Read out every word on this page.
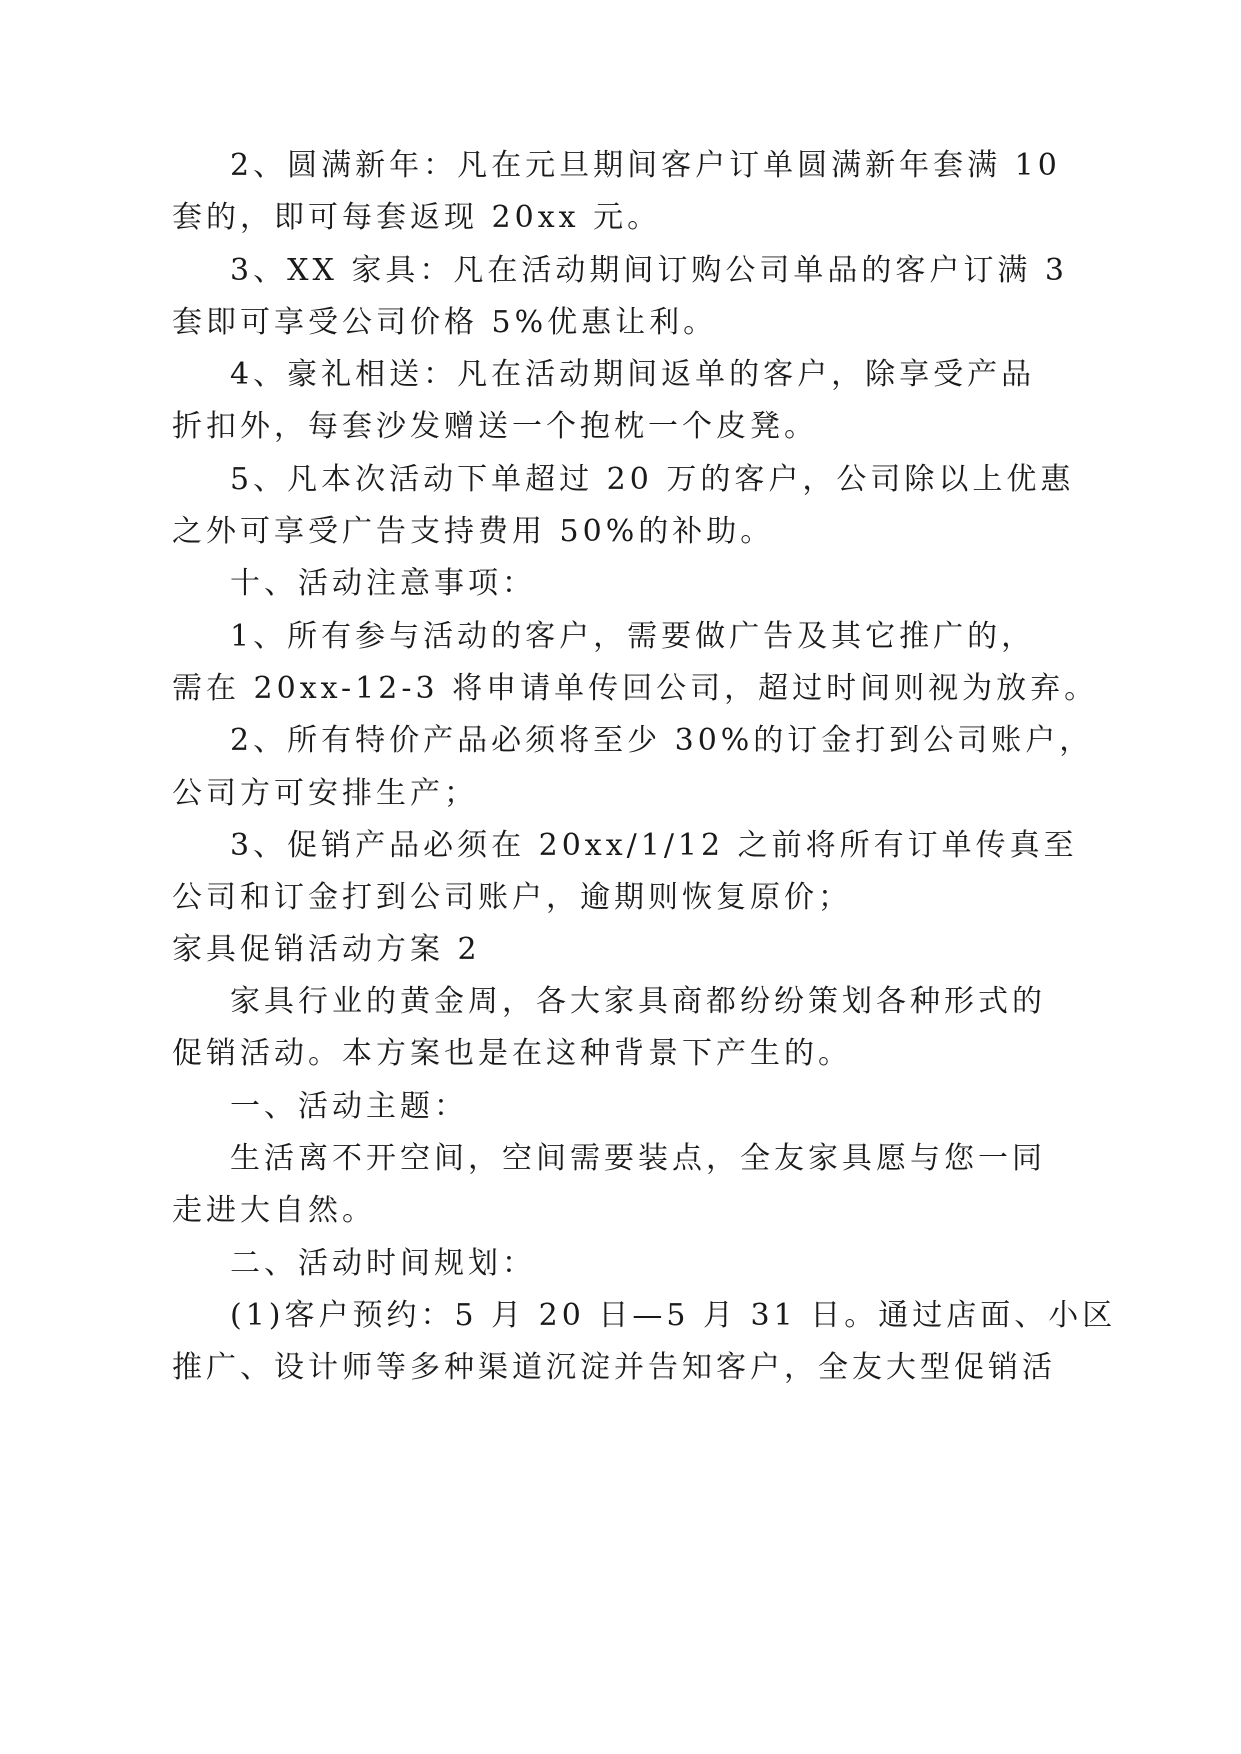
2、圆满新年：凡在元旦期间客户订单圆满新年套满 10
套的，即可每套返现 20xx 元。
3、XX 家具：凡在活动期间订购公司单品的客户订满 3
套即可享受公司价格 5%优惠让利。
4、豪礼相送：凡在活动期间返单的客户，除享受产品
折扣外，每套沙发赠送一个抱枕一个皮凳。
5、凡本次活动下单超过 20 万的客户，公司除以上优惠
之外可享受广告支持费用 50%的补助。
十、活动注意事项：
1、所有参与活动的客户，需要做广告及其它推广的，
需在 20xx-12-3 将申请单传回公司，超过时间则视为放弃。
2、所有特价产品必须将至少 30%的订金打到公司账户，
公司方可安排生产；
3、促销产品必须在 20xx/1/12 之前将所有订单传真至
公司和订金打到公司账户，逾期则恢复原价；
家具促销活动方案 2
家具行业的黄金周，各大家具商都纷纷策划各种形式的
促销活动。本方案也是在这种背景下产生的。
一、活动主题：
生活离不开空间，空间需要装点，全友家具愿与您一同
走进大自然。
二、活动时间规划：
(1)客户预约：5 月 20 日—5 月 31 日。通过店面、小区
推广、设计师等多种渠道沉淀并告知客户，全友大型促销活
